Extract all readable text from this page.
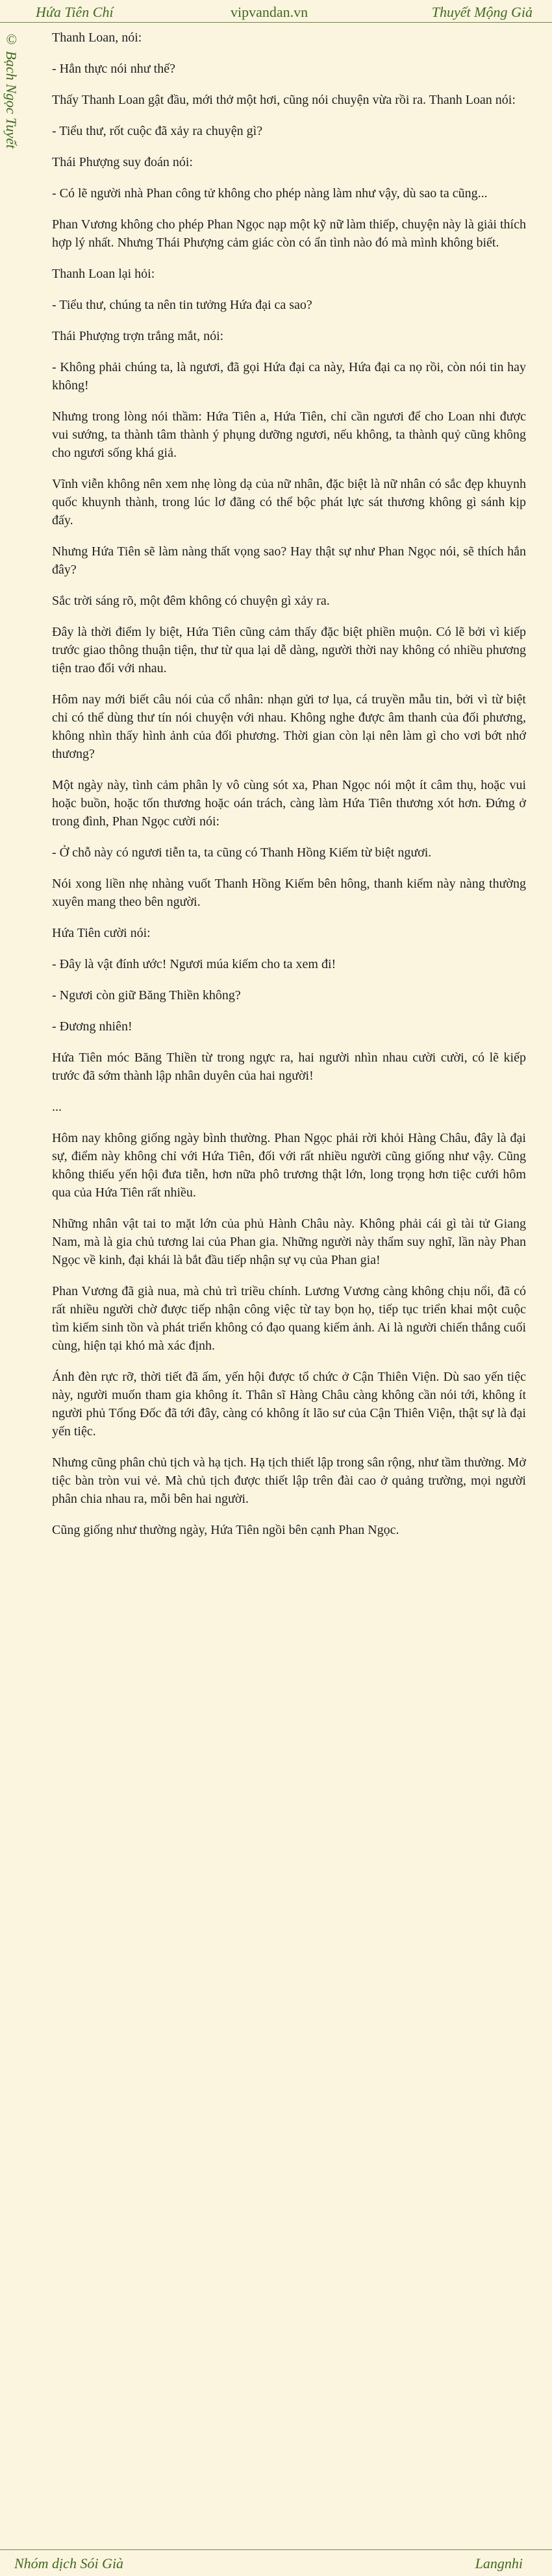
Hứa Tiên Chí	vipvandan.vn	Thuyết Mộng Giả
© Bạch Ngọc Tuyết	Thanh Loan, nói:

- Hẳn thực nói như thế?

Thấy Thanh Loan gật đầu, mới thở một hơi, cũng nói chuyện vừa rồi ra. Thanh Loan nói:

- Tiểu thư, rốt cuộc đã xảy ra chuyện gì?

Thái Phượng suy đoán nói:

- Có lẽ người nhà Phan công tử không cho phép nàng làm như vậy, dù sao ta cũng...

Phan Vương không cho phép Phan Ngọc nạp một kỹ nữ làm thiếp, chuyện này là giải thích hợp lý nhất. Nhưng Thái Phượng cảm giác còn có ẩn tình nào đó mà mình không biết.

Thanh Loan lại hỏi:

- Tiểu thư, chúng ta nên tin tưởng Hứa đại ca sao?

Thái Phượng trợn trắng mắt, nói:

- Không phải chúng ta, là ngươi, đã gọi Hứa đại ca này, Hứa đại ca nọ rồi, còn nói tin hay không!

Nhưng trong lòng nói thầm: Hứa Tiên a, Hứa Tiên, chỉ cần ngươi để cho Loan nhi được vui sướng, ta thành tâm thành ý phụng dưỡng ngươi, nếu không, ta thành quỷ cũng không cho ngươi sống khá giả.

Vĩnh viễn không nên xem nhẹ lòng dạ của nữ nhân, đặc biệt là nữ nhân có sắc đẹp khuynh quốc khuynh thành, trong lúc lơ đãng có thể bộc phát lực sát thương không gì sánh kịp đấy.

Nhưng Hứa Tiên sẽ làm nàng thất vọng sao? Hay thật sự như Phan Ngọc nói, sẽ thích hắn đây?

Sắc trời sáng rõ, một đêm không có chuyện gì xảy ra.

Đây là thời điểm ly biệt, Hứa Tiên cũng cảm thấy đặc biệt phiền muộn. Có lẽ bởi vì kiếp trước giao thông thuận tiện, thư từ qua lại dễ dàng, người thời nay không có nhiều phương tiện trao đổi với nhau.

Hôm nay mới biết câu nói của cổ nhân: nhạn gửi tơ lụa, cá truyền mẫu tin, bởi vì từ biệt chỉ có thể dùng thư tín nói chuyện với nhau. Không nghe được âm thanh của đối phương, không nhìn thấy hình ảnh của đối phương. Thời gian còn lại nên làm gì cho vơi bớt nhớ thương?

Một ngày này, tình cảm phân ly vô cùng sót xa, Phan Ngọc nói một ít câm thụ, hoặc vui hoặc buồn, hoặc tốn thương hoặc oán trách, càng làm Hứa Tiên thương xót hơn. Đứng ở trong đình, Phan Ngọc cười nói:

- Ở chỗ này có ngươi tiễn ta, ta cũng có Thanh Hồng Kiếm từ biệt ngươi.

Nói xong liền nhẹ nhàng vuốt Thanh Hồng Kiếm bên hông, thanh kiếm này nàng thường xuyên mang theo bên người.

Hứa Tiên cười nói:

- Đây là vật đính ước! Ngươi múa kiếm cho ta xem đi!

- Ngươi còn giữ Băng Thiền không?

- Đương nhiên!

Hứa Tiên móc Băng Thiền từ trong ngực ra, hai người nhìn nhau cười cười, có lẽ kiếp trước đã sớm thành lập nhân duyên của hai người!

...

Hôm nay không giống ngày bình thường. Phan Ngọc phải rời khỏi Hàng Châu, đây là đại sự, điểm này không chỉ với Hứa Tiên, đối với rất nhiều người cũng giống như vậy. Cũng không thiếu yến hội đưa tiễn, hơn nữa phô trương thật lớn, long trọng hơn tiệc cưới hôm qua của Hứa Tiên rất nhiều.

Những nhân vật tai to mặt lớn của phủ Hành Châu này. Không phải cái gì tài tử Giang Nam, mà là gia chủ tương lai của Phan gia. Những người này thẩm suy nghĩ, lần này Phan Ngọc về kinh, đại khái là bắt đầu tiếp nhận sự vụ của Phan gia!

Phan Vương đã già nua, mà chủ trì triều chính. Lương Vương càng không chịu nổi, đã có rất nhiều người chờ được tiếp nhận công việc từ tay bọn họ, tiếp tục triển khai một cuộc tìm kiếm sinh tồn và phát triển không có đạo quang kiếm ảnh. Ai là người chiến thắng cuối cùng, hiện tại khó mà xác định.

Ánh đèn rực rỡ, thời tiết đã ấm, yến hội được tổ chức ở Cận Thiên Viện. Dù sao yến tiệc này, người muốn tham gia không ít. Thân sĩ Hàng Châu càng không cần nói tới, không ít người phủ Tống Đốc đã tới đây, càng có không ít lão sư của Cận Thiên Viện, thật sự là đại yến tiệc.

Nhưng cũng phân chủ tịch và hạ tịch. Hạ tịch thiết lập trong sân rộng, như tầm thường. Mở tiệc bàn tròn vui vẻ. Mà chủ tịch được thiết lập trên đài cao ở quảng trường, mọi người phân chia nhau ra, mỗi bên hai người.

Cũng giống như thường ngày, Hứa Tiên ngồi bên cạnh Phan Ngọc.

Nhóm dịch Sói Già	Langnhi
